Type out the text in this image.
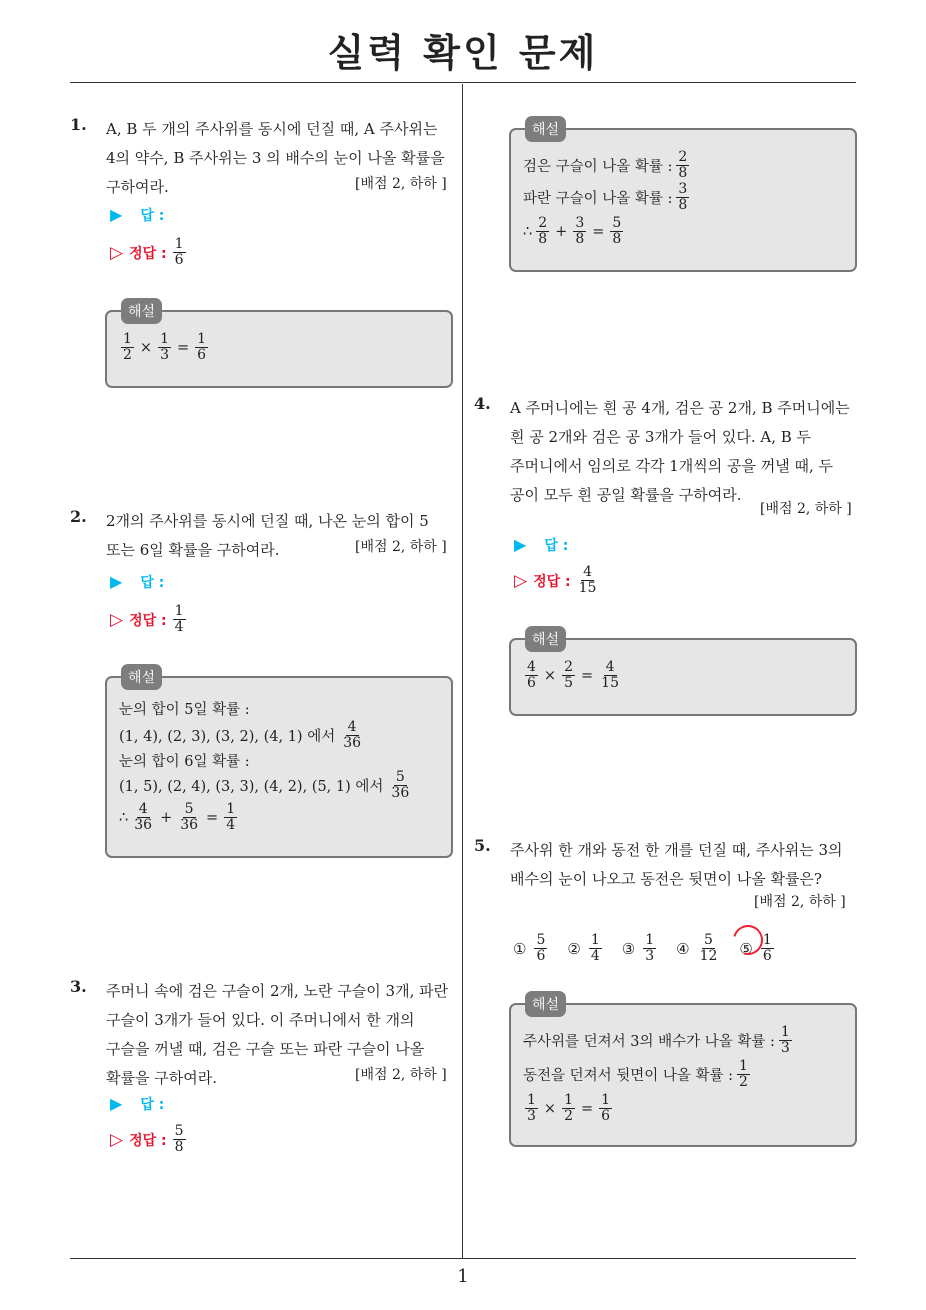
실력 확인 문제
1
1. A, B 두 개의 주사위를 동시에 던질 때, A 주사위는
4의 약수, B 주사위는 3 의 배수의 눈이 나올 확률을
구하여라.	[배점 2, 하하 ]
▶ 답 :
▷ 정답 : $\frac{1}{6}$
해설
$\frac{1}{2} \times \frac{1}{3} = \frac{1}{6}$
2. 2개의 주사위를 동시에 던질 때, 나온 눈의 합이 5
또는 6일 확률을 구하여라.	[배점 2, 하하 ]
▶ 답 :
▷ 정답 : $\frac{1}{4}$
해설
눈의 합이 5일 확률 :
(1, 4), (2, 3), (3, 2), (4, 1) 에서 $\frac{4}{36}$
눈의 합이 6일 확률 :
(1, 5), (2, 4), (3, 3), (4, 2), (5, 1) 에서 $\frac{5}{36}$
∴ $\frac{4}{36} + \frac{5}{36} = \frac{1}{4}$
3. 주머니 속에 검은 구슬이 2개, 노란 구슬이 3개, 파란
구슬이 3개가 들어 있다. 이 주머니에서 한 개의
구슬을 꺼낼 때, 검은 구슬 또는 파란 구슬이 나올
확률을 구하여라.	[배점 2, 하하 ]
▶ 답 :
▷ 정답 : $\frac{5}{8}$
해설
검은 구슬이 나올 확률 : $\frac{2}{8}$
파란 구슬이 나올 확률 : $\frac{3}{8}$
∴ $\frac{2}{8} + \frac{3}{8} = \frac{5}{8}$
4. A 주머니에는 흰 공 4개, 검은 공 2개, B 주머니에는
흰 공 2개와 검은 공 3개가 들어 있다. A, B 두
주머니에서 임의로 각각 1개씩의 공을 꺼낼 때, 두
공이 모두 흰 공일 확률을 구하여라.
[배점 2, 하하 ]
▶ 답 :
▷ 정답 : $\frac{4}{15}$
해설
$\frac{4}{6} \times \frac{2}{5} = \frac{4}{15}$
5. 주사위 한 개와 동전 한 개를 던질 때, 주사위는 3의
배수의 눈이 나오고 동전은 뒷면이 나올 확률은?
[배점 2, 하하 ]
① $\frac{5}{6}$ ② $\frac{1}{4}$ ③ $\frac{1}{3}$ ④ $\frac{5}{12}$ ⑤ $\frac{1}{6}$
해설
주사위를 던져서 3의 배수가 나올 확률 : $\frac{1}{3}$
동전을 던져서 뒷면이 나올 확률 : $\frac{1}{2}$
$\frac{1}{3} \times \frac{1}{2} = \frac{1}{6}$
